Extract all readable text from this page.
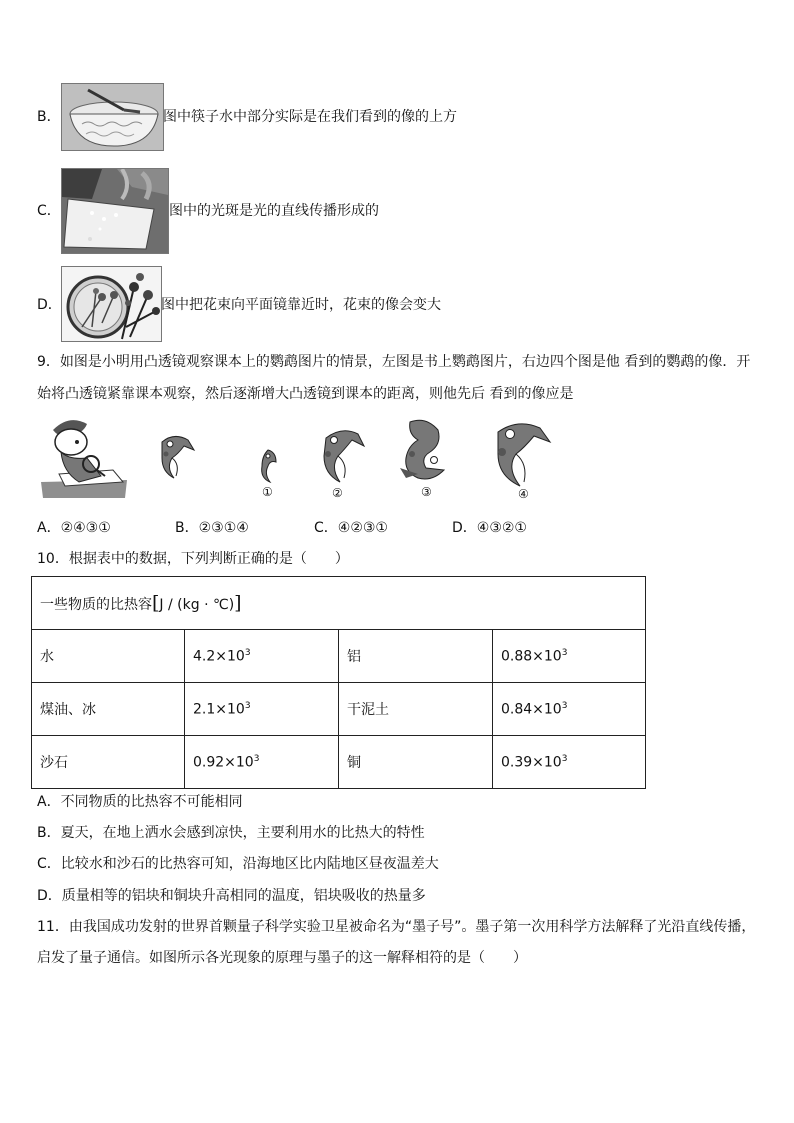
B．	图中筷子水中部分实际是在我们看到的像的上方
C．	图中的光斑是光的直线传播形成的
D．	图中把花束向平面镜靠近时，花束的像会变大
9．如图是小明用凸透镜观察课本上的鹦鹉图片的情景，左图是书上鹦鹉图片，右边四个图是他 看到的鹦鹉的像．开
始将凸透镜紧靠课本观察，然后逐渐增大凸透镜到课本的距离，则他先后 看到的像应是
①	②	③	④
A．②④③①	B．②③①④	C．④②③①	D．④③②①
10．根据表中的数据，下列判断正确的是（　　）
一些物质的比热容[J / (kg · ℃)]			
水	$4.2\times 10^3$	铝	$0.88\times 10^3$
煤油、冰	$2.1\times 10^3$	干泥土	$0.84\times 10^3$
沙石	$0.92\times 10^3$	铜	$0.39\times 10^3$
A．不同物质的比热容不可能相同
B．夏天，在地上洒水会感到凉快，主要利用水的比热大的特性
C．比较水和沙石的比热容可知，沿海地区比内陆地区昼夜温差大
D．质量相等的铝块和铜块升高相同的温度，铝块吸收的热量多
11．由我国成功发射的世界首颗量子科学实验卫星被命名为“墨子号”。墨子第一次用科学方法解释了光沿直线传播，
启发了量子通信。如图所示各光现象的原理与墨子的这一解释相符的是（　　）
